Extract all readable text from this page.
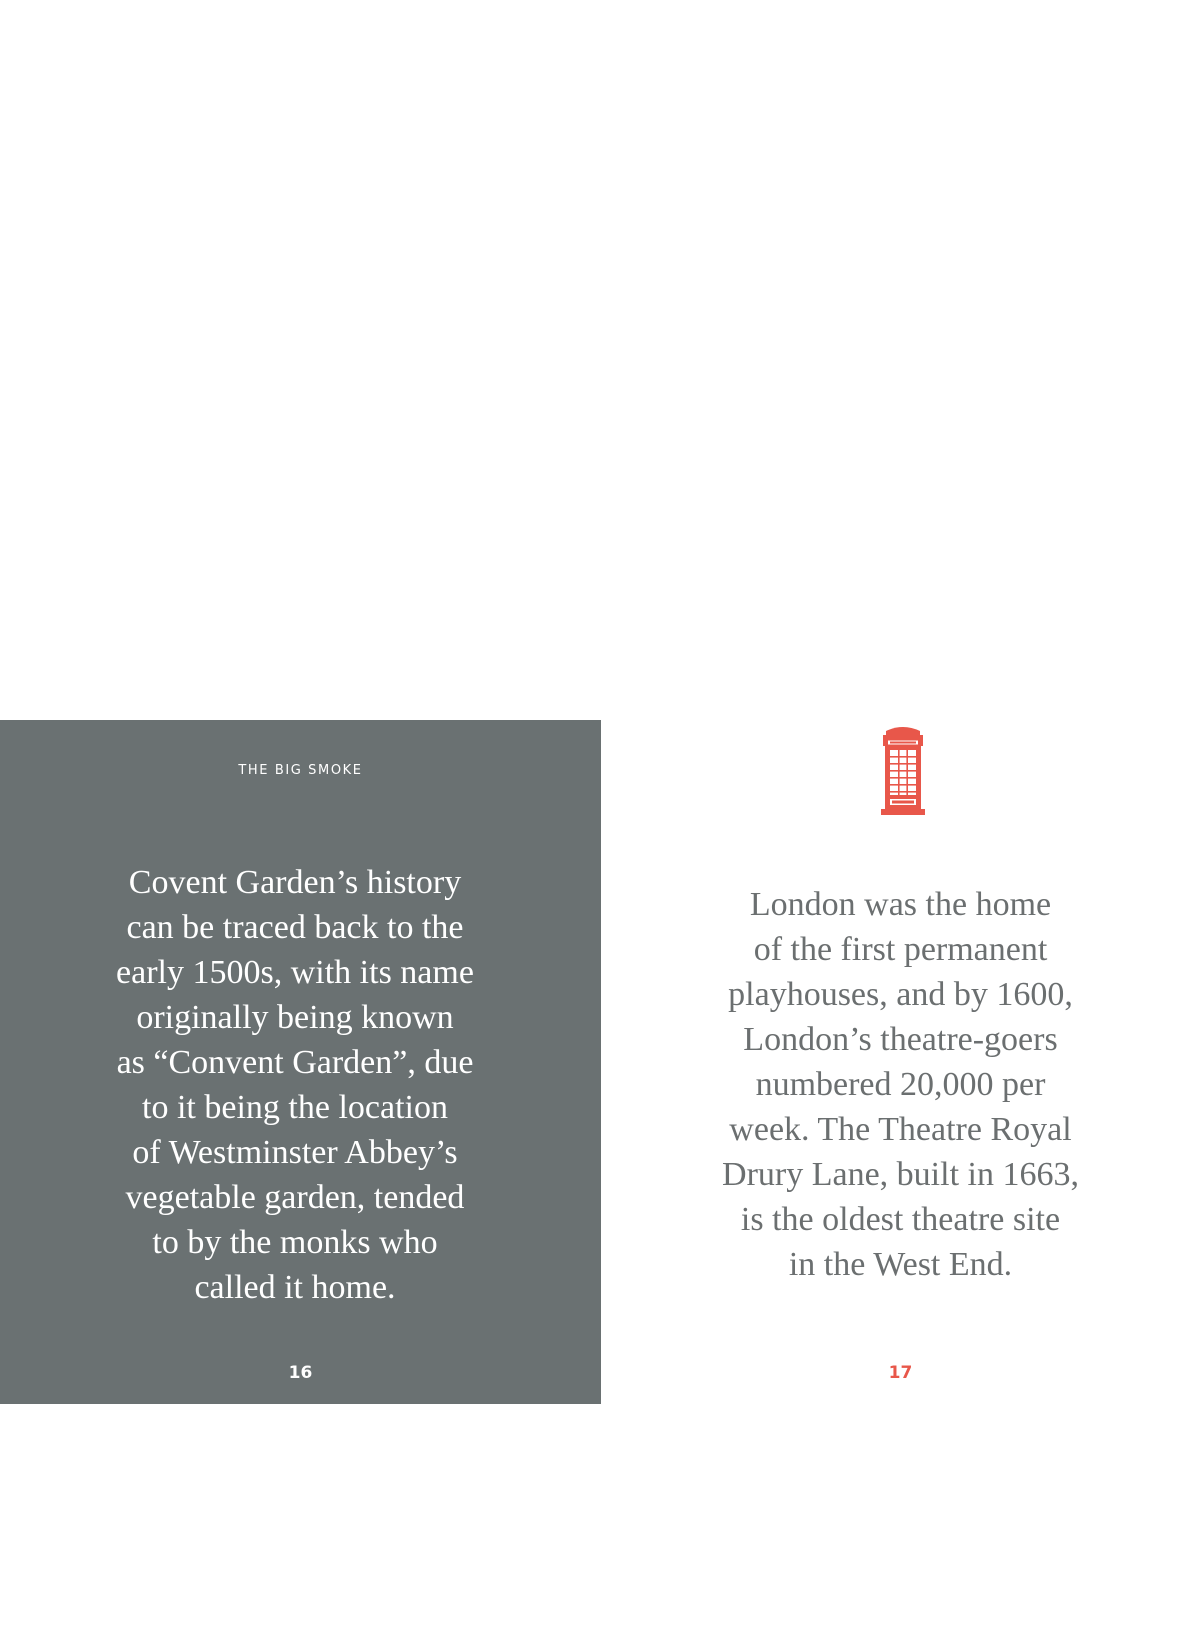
THE BIG SMOKE
Covent Garden’s history
can be traced back to the
early 1500s, with its name
originally being known
as “Convent Garden”, due
to it being the location
of Westminster Abbey’s
vegetable garden, tended
to by the monks who
called it home.
16
London was the home
of the first permanent
playhouses, and by 1600,
London’s theatre-goers
numbered 20,000 per
week. The Theatre Royal
Drury Lane, built in 1663,
is the oldest theatre site
in the West End.
17
